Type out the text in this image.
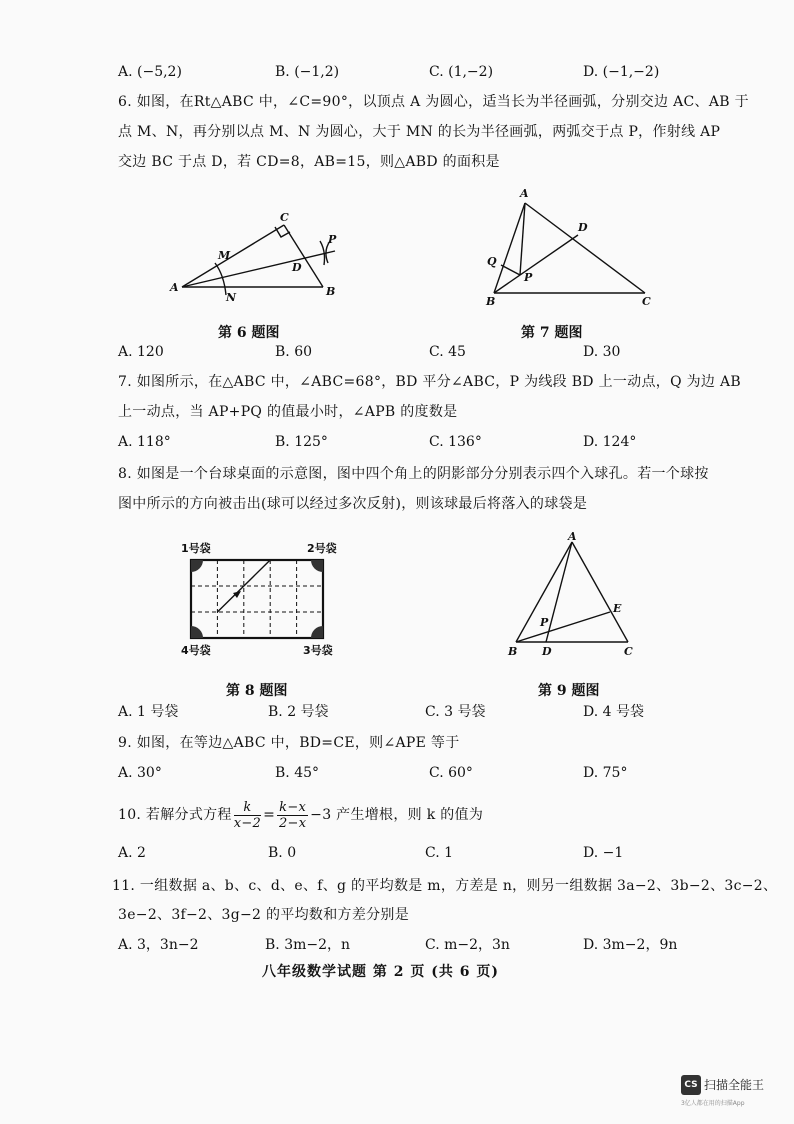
A. (−5,2)	B. (−1,2)	C. (1,−2)	D. (−1,−2)
6. 如图，在Rt△ABC 中，∠C=90°，以顶点 A 为圆心，适当长为半径画弧，分别交边 AC、AB 于
点 M、N，再分别以点 M、N 为圆心，大于 MN 的长为半径画弧，两弧交于点 P，作射线 AP
交边 BC 于点 D，若 CD=8，AB=15，则△ABD 的面积是
A	B
C
D
M
N
P
第 6 题图
A
B	C
D
P
Q
第 7 题图
A. 120	B. 60	C. 45	D. 30
7. 如图所示，在△ABC 中，∠ABC=68°，BD 平分∠ABC，P 为线段 BD 上一动点，Q 为边 AB
上一动点，当 AP+PQ 的值最小时，∠APB 的度数是
A. 118°	B. 125°	C. 136°	D. 124°
8. 如图是一个台球桌面的示意图，图中四个角上的阴影部分分别表示四个入球孔。若一个球按
图中所示的方向被击出(球可以经过多次反射)，则该球最后将落入的球袋是
1号袋	2号袋
4号袋	3号袋
第 8 题图
A
B	C
D
E
P
第 9 题图
A. 1 号袋	B. 2 号袋	C. 3 号袋	D. 4 号袋
9. 如图，在等边△ABC 中，BD=CE，则∠APE 等于
A. 30°	B. 45°	C. 60°	D. 75°
10. 若解分式方程 $\frac{k}{x-2} = \frac{k-x}{2-x} -3$ 产生增根，则 k 的值为
A. 2	B. 0	C. 1	D. −1
11. 一组数据 a、b、c、d、e、f、g 的平均数是 m，方差是 n，则另一组数据 3a−2、3b−2、3c−2、
3e−2、3f−2、3g−2 的平均数和方差分别是
A. 3，3n−2	B. 3m−2，n	C. m−2，3n	D. 3m−2，9n
八年级数学试题 第 2 页 (共 6 页)
CS 扫描全能王
3亿人都在用的扫描App
